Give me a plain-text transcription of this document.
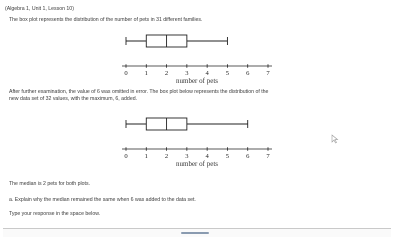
(Algebra 1, Unit 1, Lesson 10)
The box plot represents the distribution of the number of pets in 31 different families.
0	1	2	3	4	5	6	7
number of pets
After further examination, the value of 6 was omitted in error. The box plot below represents the distribution of the
new data set of 32 values, with the maximum, 6, added.
0	1	2	3	4	5	6	7
number of pets
The median is 2 pets for both plots.
a. Explain why the median remained the same when 6 was added to the data set.
Type your response in the space below.
